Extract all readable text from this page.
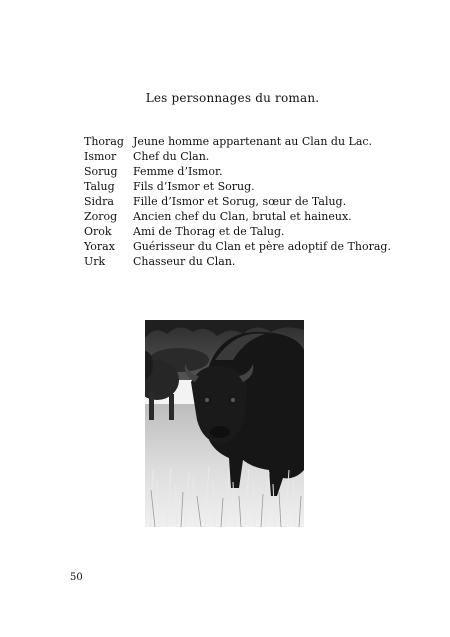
Les personnages du roman.
Thorag Jeune homme appartenant au Clan du Lac.
Ismor	Chef du Clan.
Sorug	Femme d’Ismor.
Talug	Fils d’Ismor et Sorug.
Sidra	Fille d’Ismor et Sorug, sœur de Talug.
Zorog	Ancien chef du Clan, brutal et haineux.
Orok	Ami de Thorag et de Talug.
Yorax	Guérisseur du Clan et père adoptif de Thorag.
Urk	Chasseur du Clan.
50
